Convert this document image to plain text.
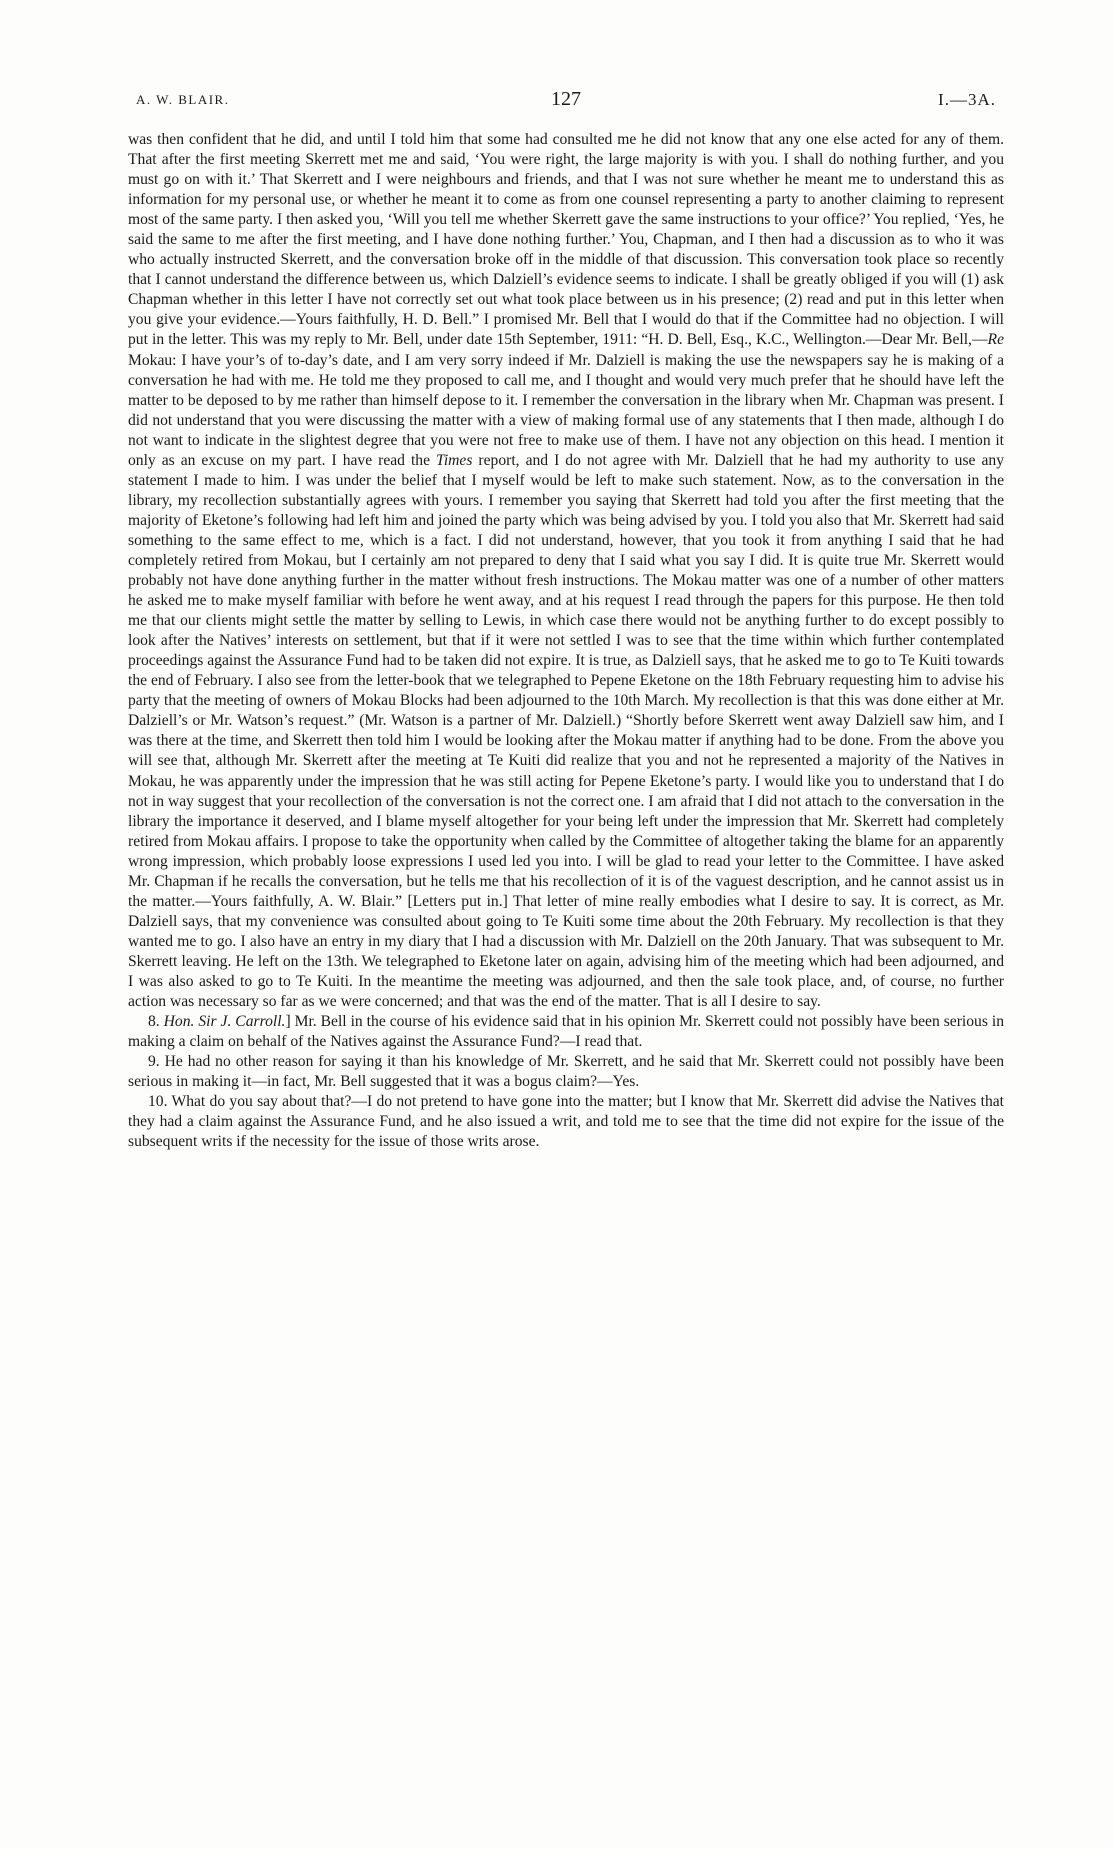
A. W. BLAIR.	127	I.—3A.

was then confident that he did, and until I told him that some had consulted me he did not know that any one else acted for any of them. That after the first meeting Skerrett met me and said, ‘You were right, the large majority is with you. I shall do nothing further, and you must go on with it.’ That Skerrett and I were neighbours and friends, and that I was not sure whether he meant me to understand this as information for my personal use, or whether he meant it to come as from one counsel representing a party to another claiming to represent most of the same party. I then asked you, ‘Will you tell me whether Skerrett gave the same instructions to your office?’ You replied, ‘Yes, he said the same to me after the first meeting, and I have done nothing further.’ You, Chapman, and I then had a discussion as to who it was who actually instructed Skerrett, and the conversation broke off in the middle of that discussion. This conversation took place so recently that I cannot understand the difference between us, which Dalziell’s evidence seems to indicate. I shall be greatly obliged if you will (1) ask Chapman whether in this letter I have not correctly set out what took place between us in his presence; (2) read and put in this letter when you give your evidence.—Yours faithfully, H. D. Bell.” I promised Mr. Bell that I would do that if the Committee had no objection. I will put in the letter. This was my reply to Mr. Bell, under date 15th September, 1911: “H. D. Bell, Esq., K.C., Wellington.—Dear Mr. Bell,—Re Mokau: I have your’s of to-day’s date, and I am very sorry indeed if Mr. Dalziell is making the use the newspapers say he is making of a conversation he had with me. He told me they proposed to call me, and I thought and would very much prefer that he should have left the matter to be deposed to by me rather than himself depose to it. I remember the conversation in the library when Mr. Chapman was present. I did not understand that you were discussing the matter with a view of making formal use of any statements that I then made, although I do not want to indicate in the slightest degree that you were not free to make use of them. I have not any objection on this head. I mention it only as an excuse on my part. I have read the Times report, and I do not agree with Mr. Dalziell that he had my authority to use any statement I made to him. I was under the belief that I myself would be left to make such statement. Now, as to the conversation in the library, my recollection substantially agrees with yours. I remember you saying that Skerrett had told you after the first meeting that the majority of Eketone’s following had left him and joined the party which was being advised by you. I told you also that Mr. Skerrett had said something to the same effect to me, which is a fact. I did not understand, however, that you took it from anything I said that he had completely retired from Mokau, but I certainly am not prepared to deny that I said what you say I did. It is quite true Mr. Skerrett would probably not have done anything further in the matter without fresh instructions. The Mokau matter was one of a number of other matters he asked me to make myself familiar with before he went away, and at his request I read through the papers for this purpose. He then told me that our clients might settle the matter by selling to Lewis, in which case there would not be anything further to do except possibly to look after the Natives’ interests on settlement, but that if it were not settled I was to see that the time within which further contemplated proceedings against the Assurance Fund had to be taken did not expire. It is true, as Dalziell says, that he asked me to go to Te Kuiti towards the end of February. I also see from the letter-book that we telegraphed to Pepene Eketone on the 18th February requesting him to advise his party that the meeting of owners of Mokau Blocks had been adjourned to the 10th March. My recollection is that this was done either at Mr. Dalziell’s or Mr. Watson’s request.” (Mr. Watson is a partner of Mr. Dalziell.) “Shortly before Skerrett went away Dalziell saw him, and I was there at the time, and Skerrett then told him I would be looking after the Mokau matter if anything had to be done. From the above you will see that, although Mr. Skerrett after the meeting at Te Kuiti did realize that you and not he represented a majority of the Natives in Mokau, he was apparently under the impression that he was still acting for Pepene Eketone’s party. I would like you to understand that I do not in way suggest that your recollection of the conversation is not the correct one. I am afraid that I did not attach to the conversation in the library the importance it deserved, and I blame myself altogether for your being left under the impression that Mr. Skerrett had completely retired from Mokau affairs. I propose to take the opportunity when called by the Committee of altogether taking the blame for an apparently wrong impression, which probably loose expressions I used led you into. I will be glad to read your letter to the Committee. I have asked Mr. Chapman if he recalls the conversation, but he tells me that his recollection of it is of the vaguest description, and he cannot assist us in the matter.—Yours faithfully, A. W. Blair.” [Letters put in.] That letter of mine really embodies what I desire to say. It is correct, as Mr. Dalziell says, that my convenience was consulted about going to Te Kuiti some time about the 20th February. My recollection is that they wanted me to go. I also have an entry in my diary that I had a discussion with Mr. Dalziell on the 20th January. That was subsequent to Mr. Skerrett leaving. He left on the 13th. We telegraphed to Eketone later on again, advising him of the meeting which had been adjourned, and I was also asked to go to Te Kuiti. In the meantime the meeting was adjourned, and then the sale took place, and, of course, no further action was necessary so far as we were concerned; and that was the end of the matter. That is all I desire to say.

8. Hon. Sir J. Carroll.] Mr. Bell in the course of his evidence said that in his opinion Mr. Skerrett could not possibly have been serious in making a claim on behalf of the Natives against the Assurance Fund?—I read that.

9. He had no other reason for saying it than his knowledge of Mr. Skerrett, and he said that Mr. Skerrett could not possibly have been serious in making it—in fact, Mr. Bell suggested that it was a bogus claim?—Yes.

10. What do you say about that?—I do not pretend to have gone into the matter; but I know that Mr. Skerrett did advise the Natives that they had a claim against the Assurance Fund, and he also issued a writ, and told me to see that the time did not expire for the issue of the subsequent writs if the necessity for the issue of those writs arose.
